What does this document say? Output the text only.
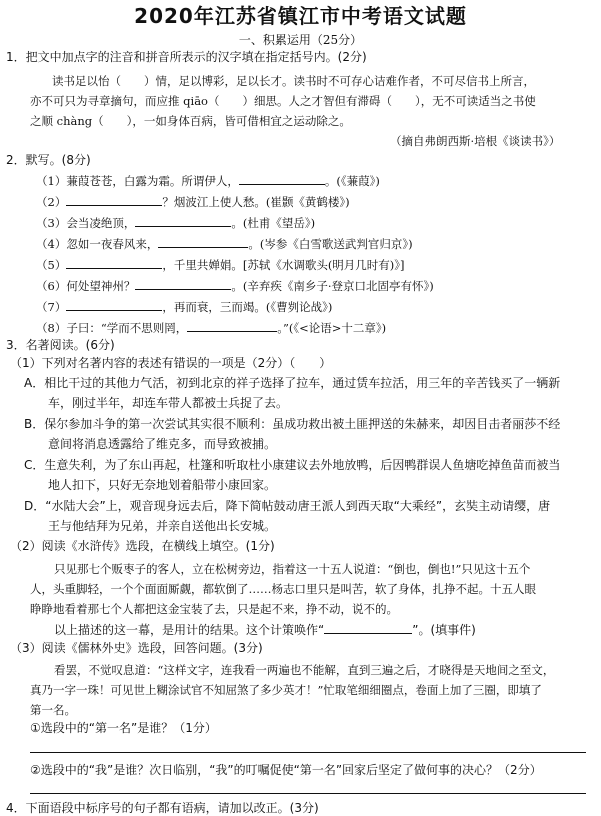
2020年江苏省镇江市中考语文试题
一、积累运用（25分）
1．把文中加点字的注音和拼音所表示的汉字填在指定括号内。(2分)
读书足以怡（　　）情，足以博彩，足以长才。读书时不可存心诘难作者，不可尽信书上所言，
亦不可只为寻章摘句，而应推 qiāo（　　）细思。人之才智但有滞碍（　　），无不可读适当之书使
之顺 chàng（　　），一如身体百病，皆可借相宜之运动除之。
（摘自弗朗西斯·培根《谈读书》）
2．默写。(8分)
（1）蒹葭苍苍，白露为霜。所谓伊人，	。(《蒹葭》)
（2）	？烟波江上使人愁。(崔颢《黄鹤楼》)
（3）会当凌绝顶，	。(杜甫《望岳》)
（4）忽如一夜春风来，	。(岑参《白雪歌送武判官归京》)
（5）	，千里共婵娟。[苏轼《水调歌头(明月几时有)》]
（6）何处望神州？	。(辛弃疾《南乡子·登京口北固亭有怀》)
（7）	，再而衰，三而竭。(《曹刿论战》)
（8）子曰：“学而不思则罔，	。”(《<论语>十二章》)
3．名著阅读。(6分)
（1）下列对名著内容的表述有错误的一项是（2分）（　　）
A．相比干过的其他力气活，初到北京的祥子选择了拉车，通过赁车拉活，用三年的辛苦钱买了一辆新
车，刚过半年，却连车带人都被士兵捉了去。
B．保尔参加斗争的第一次尝试其实很不顺利：虽成功救出被土匪押送的朱赫来，却因目击者丽莎不经
意间将消息透露给了维克多，而导致被捕。
C．生意失利，为了东山再起，杜篷和听取杜小康建议去外地放鸭，后因鸭群误人鱼塘吃掉鱼苗而被当
地人扣下，只好无奈地划着船带小康回家。
D．“水陆大会”上，观音现身远去后，降下简帖鼓动唐王派人到西天取“大乘经”，玄奘主动请缨，唐
王与他结拜为兄弟，并亲自送他出长安城。
（2）阅读《水浒传》选段，在横线上填空。(1分)
只见那七个贩枣子的客人，立在松树旁边，指着这一十五人说道：“倒也，倒也!”只见这十五个
人，头重脚轻，一个个面面厮觑，都软倒了……杨志口里只是叫苦，软了身体，扎挣不起。十五人眼
睁睁地看着那七个人都把这金宝装了去，只是起不来，挣不动，说不的。
以上描述的这一幕，是用计的结果。这个计策唤作“	”。(填事件)
（3）阅读《儒林外史》选段，回答问题。(3分)
看罢，不觉叹息道：“这样文字，连我看一两遍也不能解，直到三遍之后，才晓得是天地间之至文，
真乃一字一珠！可见世上糊涂试官不知屈煞了多少英才！”忙取笔细细圈点，卷面上加了三圈，即填了
第一名。
①选段中的“第一名”是谁？（1分）
②选段中的“我”是谁？次日临别，“我”的叮嘱促使“第一名”回家后坚定了做何事的决心？（2分）
4．下面语段中标序号的句子都有语病，请加以改正。(3分)
